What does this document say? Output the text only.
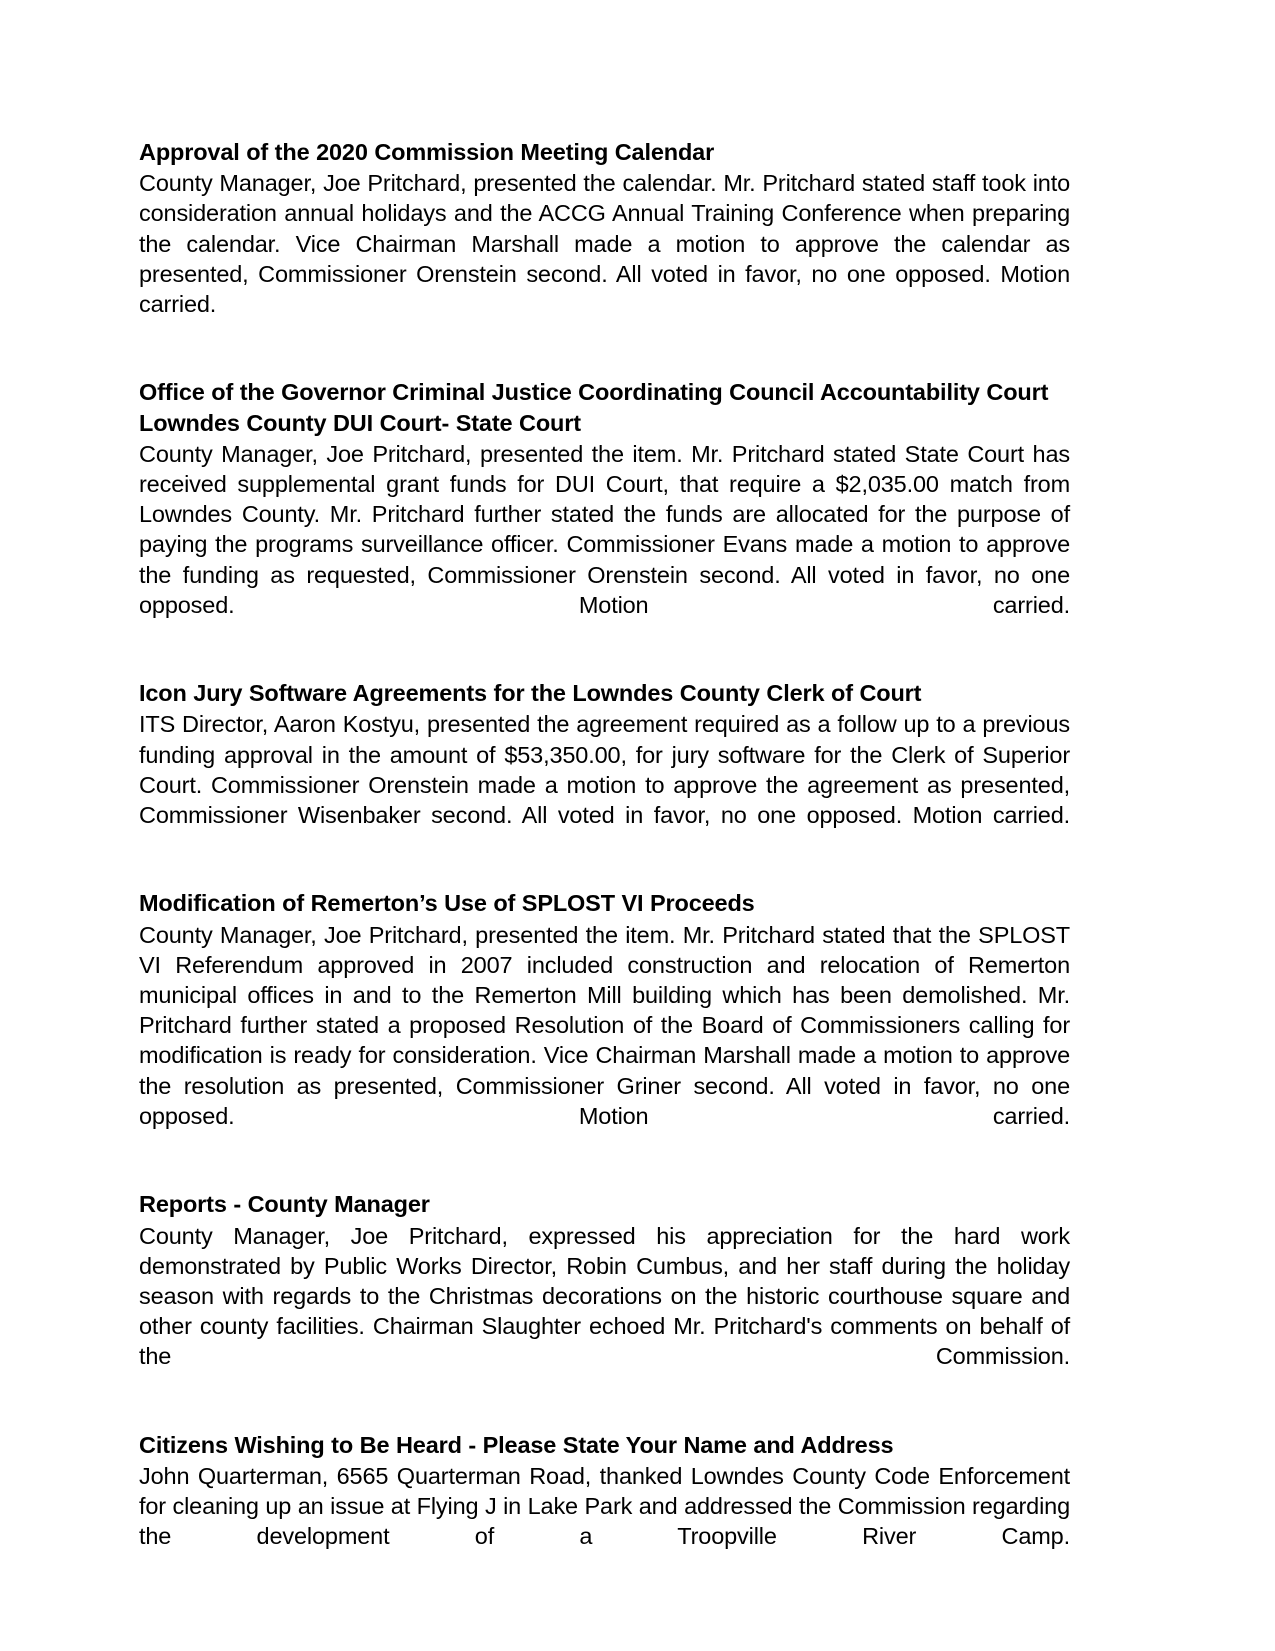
Approval of the 2020 Commission Meeting Calendar

County Manager, Joe Pritchard, presented the calendar. Mr. Pritchard stated staff took into consideration annual holidays and the ACCG Annual Training Conference when preparing the calendar. Vice Chairman Marshall made a motion to approve the calendar as presented, Commissioner Orenstein second. All voted in favor, no one opposed. Motion carried.

Office of the Governor Criminal Justice Coordinating Council Accountability Court Lowndes County DUI Court- State Court

County Manager, Joe Pritchard, presented the item. Mr. Pritchard stated State Court has received supplemental grant funds for DUI Court, that require a $2,035.00 match from Lowndes County. Mr. Pritchard further stated the funds are allocated for the purpose of paying the programs surveillance officer. Commissioner Evans made a motion to approve the funding as requested, Commissioner Orenstein second. All voted in favor, no one opposed. Motion carried.

Icon Jury Software Agreements for the Lowndes County Clerk of Court

ITS Director, Aaron Kostyu, presented the agreement required as a follow up to a previous funding approval in the amount of $53,350.00, for jury software for the Clerk of Superior Court. Commissioner Orenstein made a motion to approve the agreement as presented, Commissioner Wisenbaker second. All voted in favor, no one opposed. Motion carried.

Modification of Remerton’s Use of SPLOST VI Proceeds

County Manager, Joe Pritchard, presented the item. Mr. Pritchard stated that the SPLOST VI Referendum approved in 2007 included construction and relocation of Remerton municipal offices in and to the Remerton Mill building which has been demolished. Mr. Pritchard further stated a proposed Resolution of the Board of Commissioners calling for modification is ready for consideration. Vice Chairman Marshall made a motion to approve the resolution as presented, Commissioner Griner second. All voted in favor, no one opposed. Motion carried.

Reports - County Manager

County Manager, Joe Pritchard, expressed his appreciation for the hard work demonstrated by Public Works Director, Robin Cumbus, and her staff during the holiday season with regards to the Christmas decorations on the historic courthouse square and other county facilities. Chairman Slaughter echoed Mr. Pritchard's comments on behalf of the Commission.

Citizens Wishing to Be Heard - Please State Your Name and Address

John Quarterman, 6565 Quarterman Road, thanked Lowndes County Code Enforcement for cleaning up an issue at Flying J in Lake Park and addressed the Commission regarding the development of a Troopville River Camp.
